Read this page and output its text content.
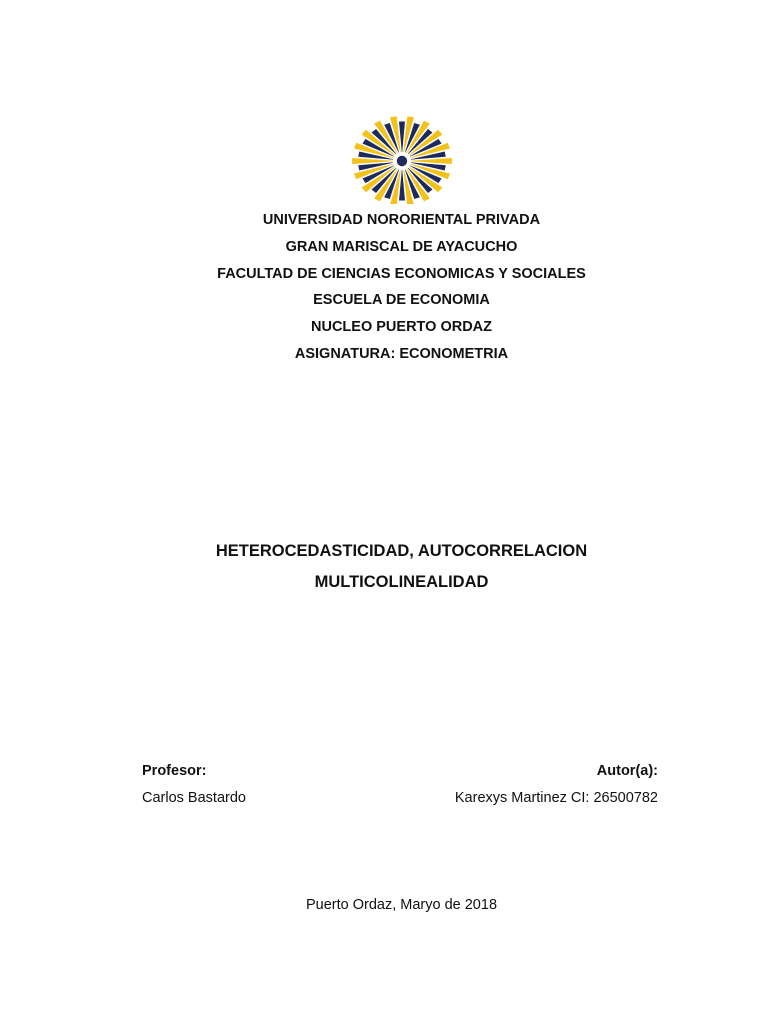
UNIVERSIDAD NORORIENTAL PRIVADA
GRAN MARISCAL DE AYACUCHO
FACULTAD DE CIENCIAS ECONOMICAS Y SOCIALES
ESCUELA DE ECONOMIA
NUCLEO PUERTO ORDAZ
ASIGNATURA: ECONOMETRIA
HETEROCEDASTICIDAD, AUTOCORRELACION
MULTICOLINEALIDAD
Profesor:
Carlos Bastardo
Autor(a):
Karexys Martinez CI: 26500782
Puerto Ordaz, Maryo de 2018
